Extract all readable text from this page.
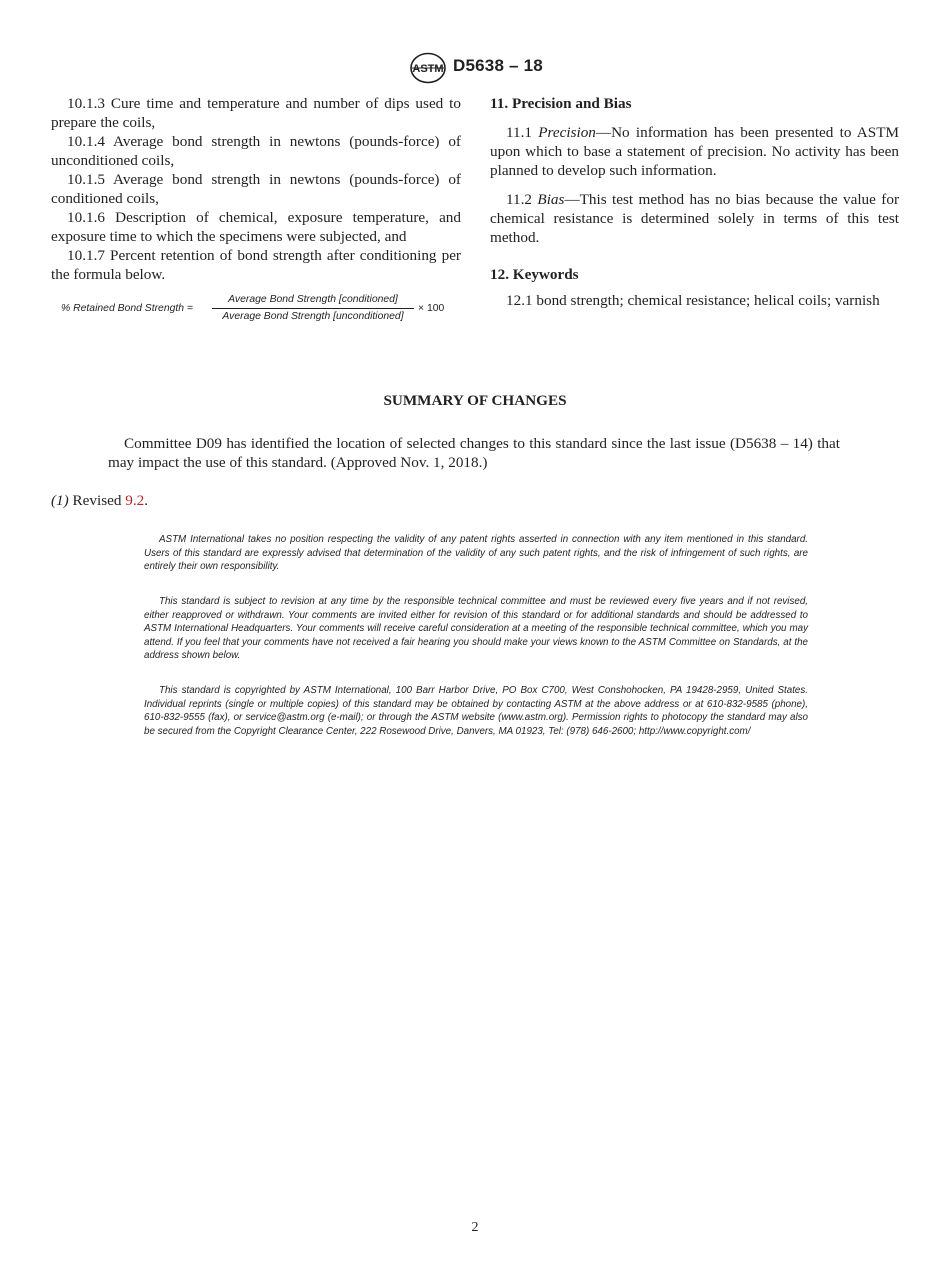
ASTM D5638 – 18

10.1.3 Cure time and temperature and number of dips used to prepare the coils,

10.1.4 Average bond strength in newtons (pounds-force) of unconditioned coils,

10.1.5 Average bond strength in newtons (pounds-force) of conditioned coils,

10.1.6 Description of chemical, exposure temperature, and exposure time to which the specimens were subjected, and

10.1.7 Percent retention of bond strength after conditioning per the formula below.

% Retained Bond Strength =
Average Bond Strength [conditioned]
Average Bond Strength [unconditioned]
× 100

11. Precision and Bias

11.1 Precision—No information has been presented to ASTM upon which to base a statement of precision. No activity has been planned to develop such information.

11.2 Bias—This test method has no bias because the value for chemical resistance is determined solely in terms of this test method.

12. Keywords

12.1 bond strength; chemical resistance; helical coils; varnish

SUMMARY OF CHANGES
Committee D09 has identified the location of selected changes to this standard since the last issue (D5638 – 14) that may impact the use of this standard. (Approved Nov. 1, 2018.)
(1) Revised 9.2.

ASTM International takes no position respecting the validity of any patent rights asserted in connection with any item mentioned in this standard. Users of this standard are expressly advised that determination of the validity of any such patent rights, and the risk of infringement of such rights, are entirely their own responsibility.

This standard is subject to revision at any time by the responsible technical committee and must be reviewed every five years and if not revised, either reapproved or withdrawn. Your comments are invited either for revision of this standard or for additional standards and should be addressed to ASTM International Headquarters. Your comments will receive careful consideration at a meeting of the responsible technical committee, which you may attend. If you feel that your comments have not received a fair hearing you should make your views known to the ASTM Committee on Standards, at the address shown below.

This standard is copyrighted by ASTM International, 100 Barr Harbor Drive, PO Box C700, West Conshohocken, PA 19428-2959, United States. Individual reprints (single or multiple copies) of this standard may be obtained by contacting ASTM at the above address or at 610-832-9585 (phone), 610-832-9555 (fax), or service@astm.org (e-mail); or through the ASTM website (www.astm.org). Permission rights to photocopy the standard may also be secured from the Copyright Clearance Center, 222 Rosewood Drive, Danvers, MA 01923, Tel: (978) 646-2600; http://www.copyright.com/

2
